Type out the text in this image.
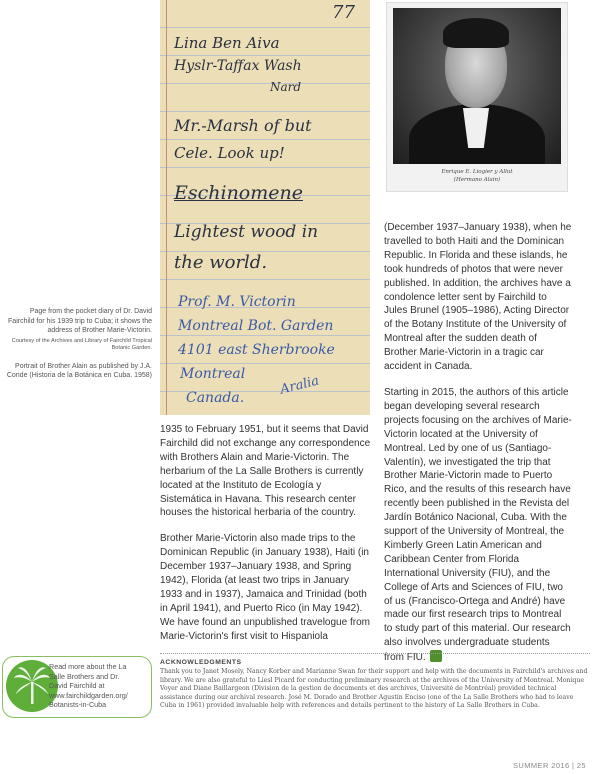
77
Lina Ben Aiva
Hyslr-Taffax Wash
Nard
Mr.-Marsh of but
Cele. Look up!
Eschinomene
Lightest wood in
the world.
Prof. M. Victorin
Montreal Bot. Garden
4101 east Sherbrooke
Montreal
Canada.
Aralia
Enrique E. Liogier y Allut
(Hermano Alain)
Page from the pocket diary of Dr. David Fairchild for his 1939 trip to Cuba; it shows the address of Brother Marie-Victorin.
Courtesy of the Archives and Library of Fairchild Tropical Botanic Garden.
Portrait of Brother Alain as published by J.A. Conde (Historia de la Botánica en Cuba. 1958)

1935 to February 1951, but it seems that David Fairchild did not exchange any correspondence with Brothers Alain and Marie-Victorin. The herbarium of the La Salle Brothers is currently located at the Instituto de Ecología y Sistemática in Havana. This research center houses the historical herbaria of the country.

Brother Marie-Victorin also made trips to the Dominican Republic (in January 1938), Haiti (in December 1937–January 1938, and Spring 1942), Florida (at least two trips in January 1933 and in 1937), Jamaica and Trinidad (both in April 1941), and Puerto Rico (in May 1942). We have found an unpublished travelogue from Marie-Victorin's first visit to Hispaniola

(December 1937–January 1938), when he travelled to both Haiti and the Dominican Republic. In Florida and these islands, he took hundreds of photos that were never published. In addition, the archives have a condolence letter sent by Fairchild to Jules Brunel (1905–1986), Acting Director of the Botany Institute of the University of Montreal after the sudden death of Brother Marie-Victorin in a tragic car accident in Canada.

Starting in 2015, the authors of this article began developing several research projects focusing on the archives of Marie-Victorin located at the University of Montreal. Led by one of us (Santiago-Valentín), we investigated the trip that Brother Marie-Victorin made to Puerto Rico, and the results of this research have recently been published in the Revista del Jardín Botánico Nacional, Cuba. With the support of the University of Montreal, the Kimberly Green Latin American and Caribbean Center from Florida International University (FIU), and the College of Arts and Sciences of FIU, two of us (Francisco-Ortega and André) have made our first research trips to Montreal to study part of this material. Our research also involves undergraduate students from FIU.

Read more about the La
Salle Brothers and Dr.
David Fairchild at
www.fairchildgarden.org/
Botanists-in-Cuba
ACKNOWLEDGMENTS
Thank you to Janet Mosely, Nancy Korber and Marianne Swan for their support and help with the documents in Fairchild's archives and library. We are also grateful to Liesl Picard for conducting preliminary research at the archives of the University of Montreal. Monique Voyer and Diane Baillargeon (Division de la gestion de documents et des archives, Université de Montréal) provided technical assistance during our archival research. José M. Dorado and Brother Agustín Enciso (one of the La Salle Brothers who had to leave Cuba in 1961) provided invaluable help with references and details pertinent to the history of La Salle Brothers in Cuba.
SUMMER 2016 | 25
